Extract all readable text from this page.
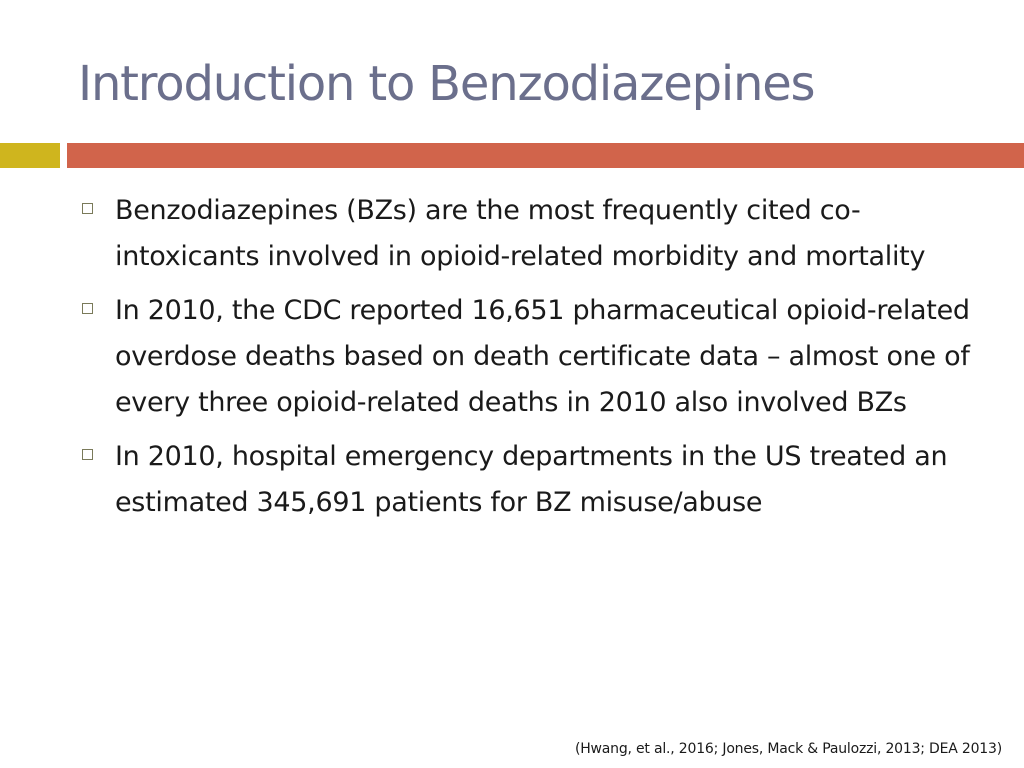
Introduction to Benzodiazepines
Benzodiazepines (BZs) are the most frequently cited co-intoxicants involved in opioid-related morbidity and mortality
In 2010, the CDC reported 16,651 pharmaceutical opioid-related overdose deaths based on death certificate data – almost one of every three opioid-related deaths in 2010 also involved BZs
In 2010, hospital emergency departments in the US treated an estimated 345,691 patients for BZ misuse/abuse
(Hwang, et al., 2016; Jones, Mack & Paulozzi, 2013; DEA 2013)
